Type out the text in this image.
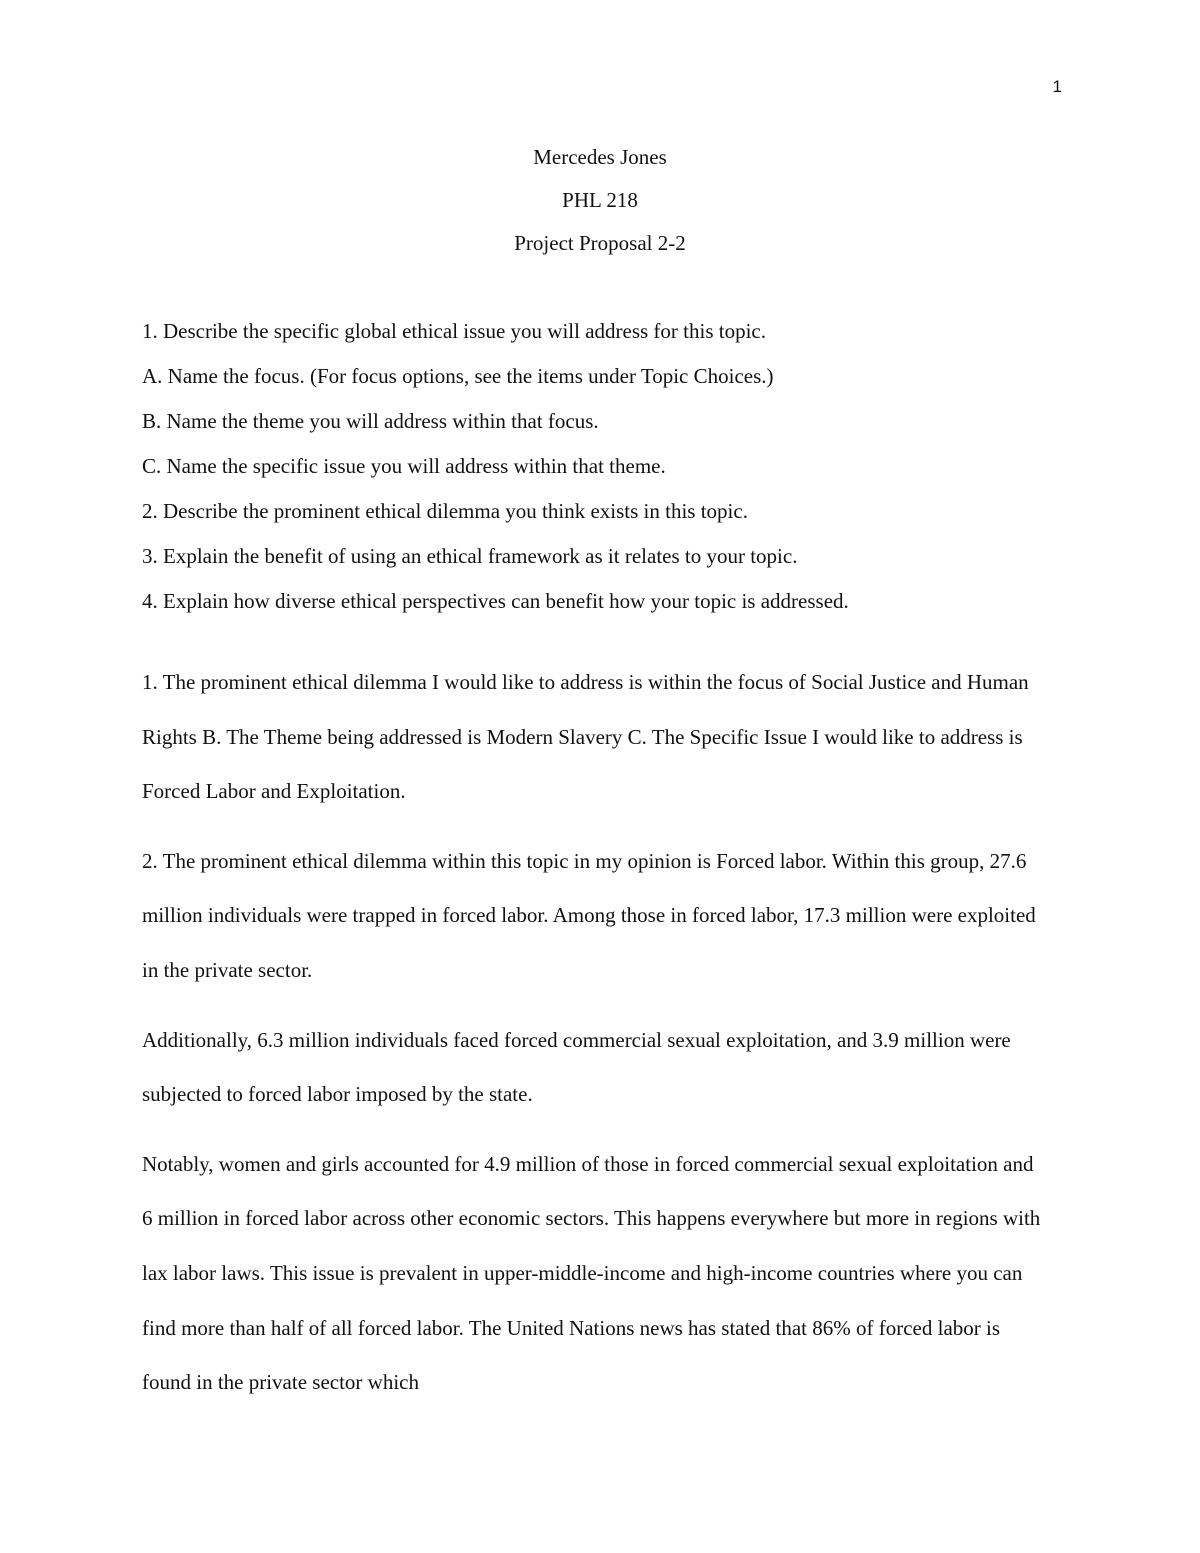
1
Mercedes Jones
PHL 218
Project Proposal 2-2
1. Describe the specific global ethical issue you will address for this topic.
A. Name the focus. (For focus options, see the items under Topic Choices.)
B. Name the theme you will address within that focus.
C. Name the specific issue you will address within that theme.
2. Describe the prominent ethical dilemma you think exists in this topic.
3. Explain the benefit of using an ethical framework as it relates to your topic.
4. Explain how diverse ethical perspectives can benefit how your topic is addressed.

1. The prominent ethical dilemma I would like to address is within the focus of Social Justice and Human Rights B. The Theme being addressed is Modern Slavery C. The Specific Issue I would like to address is Forced Labor and Exploitation.

2. The prominent ethical dilemma within this topic in my opinion is Forced labor. Within this group, 27.6 million individuals were trapped in forced labor. Among those in forced labor, 17.3 million were exploited in the private sector.

Additionally, 6.3 million individuals faced forced commercial sexual exploitation, and 3.9 million were subjected to forced labor imposed by the state.

Notably, women and girls accounted for 4.9 million of those in forced commercial sexual exploitation and 6 million in forced labor across other economic sectors. This happens everywhere but more in regions with lax labor laws. This issue is prevalent in upper-middle-income and high-income countries where you can find more than half of all forced labor. The United Nations news has stated that 86% of forced labor is found in the private sector which
